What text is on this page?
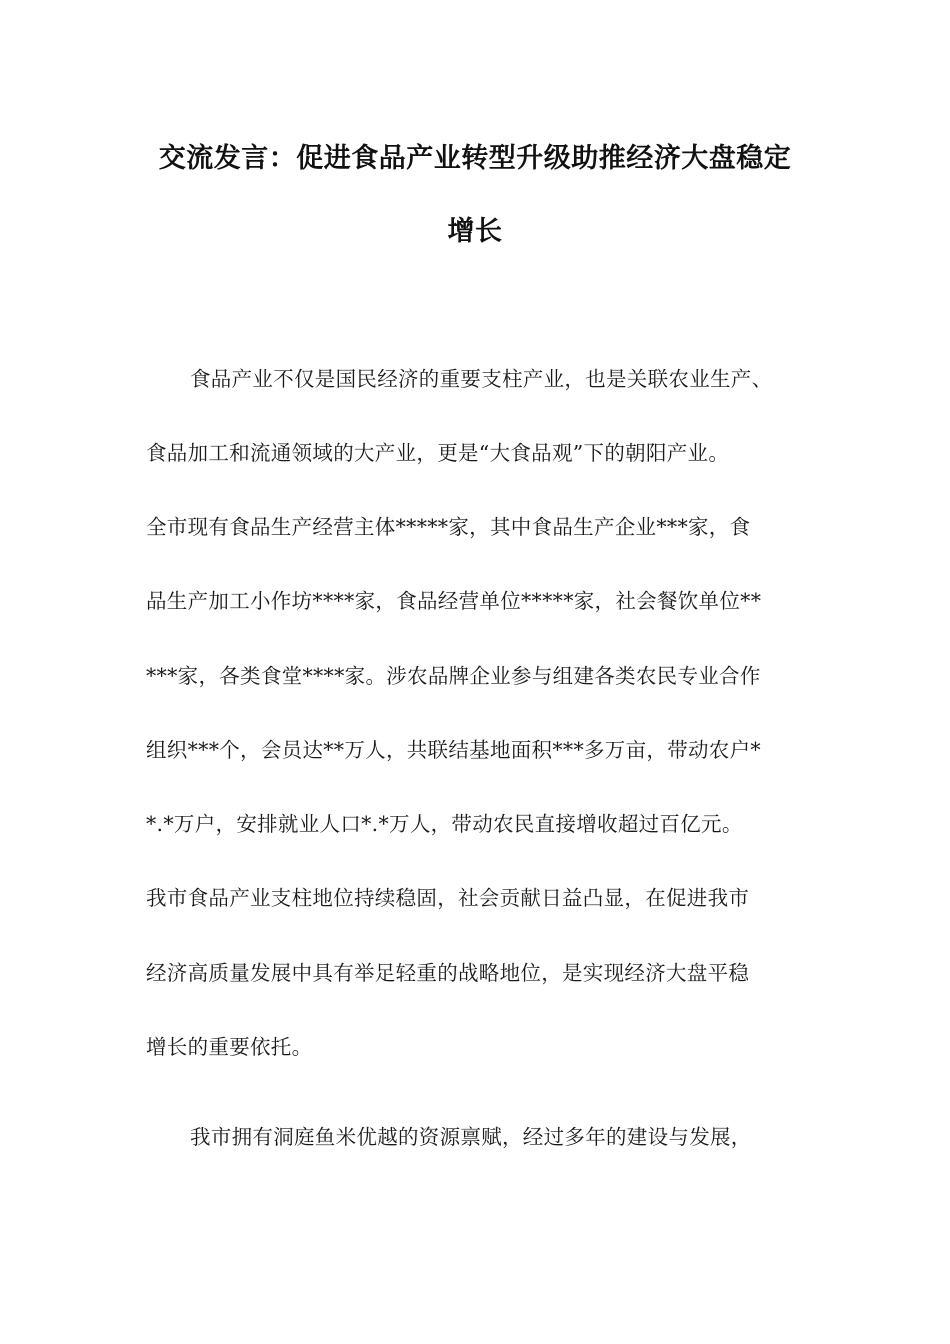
交流发言：促进食品产业转型升级助推经济大盘稳定
增长
食品产业不仅是国民经济的重要支柱产业，也是关联农业生产、
食品加工和流通领域的大产业，更是“大食品观”下的朝阳产业。
全市现有食品生产经营主体*****家，其中食品生产企业***家，食
品生产加工小作坊****家，食品经营单位*****家，社会餐饮单位**
***家，各类食堂****家。涉农品牌企业参与组建各类农民专业合作
组织***个，会员达**万人，共联结基地面积***多万亩，带动农户*
*.*万户，安排就业人口*.*万人，带动农民直接增收超过百亿元。
我市食品产业支柱地位持续稳固，社会贡献日益凸显，在促进我市
经济高质量发展中具有举足轻重的战略地位，是实现经济大盘平稳
增长的重要依托。
我市拥有洞庭鱼米优越的资源禀赋，经过多年的建设与发展，
